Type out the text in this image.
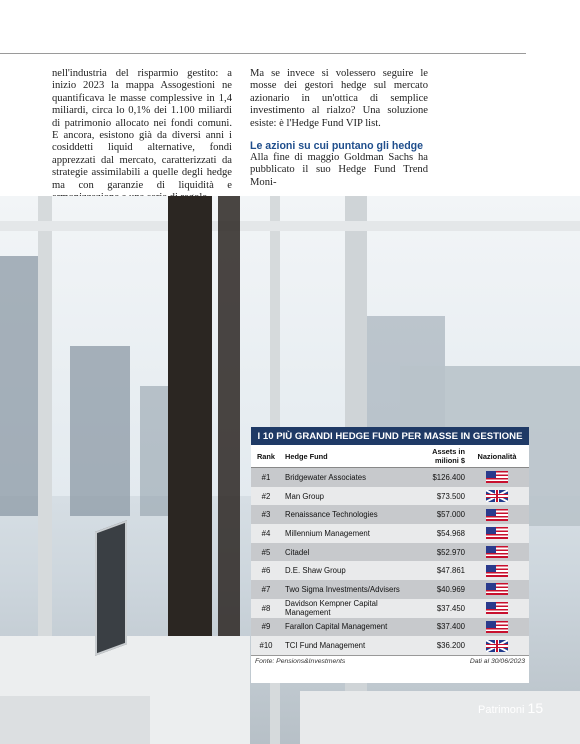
nell'industria del risparmio gestito: a inizio 2023 la mappa Assogestioni ne quantificava le masse complessive in 1,4 miliardi, circa lo 0,1% dei 1.100 miliardi di patrimonio allocato nei fondi comuni. E ancora, esistono già da diversi anni i cosiddetti liquid alternative, fondi apprezzati dal mercato, caratterizzati da strategie assimilabili a quelle degli hedge ma con garanzie di liquidità e

Ma se invece si volessero seguire le mosse dei gestori hedge sul mercato azionario in un'ottica di semplice investimento al rialzo? Una soluzione esiste: è l'Hedge Fund VIP list.

Le azioni su cui puntano gli hedge

Alla fine di maggio Goldman Sachs ha pubblicato il suo Hedge Fund Trend Moni-

I 10 PIÙ GRANDI HEDGE FUND PER MASSE IN GESTIONE
Rank	Hedge Fund	Assets in milioni $	Nazionalità
#1	Bridgewater Associates	$126.400
#2	Man Group	$73.500
#3	Renaissance Technologies	$57.000
#4	Millennium Management	$54.968
#5	Citadel	$52.970
#6	D.E. Shaw Group	$47.861
#7	Two Sigma Investments/Advisers	$40.969
#8	Davidson Kempner Capital Management	$37.450
#9	Farallon Capital Management	$37.400
#10	TCI Fund Management	$36.200
Fonte: Pensions&Investments	Dati al 30/06/2023
Patrimoni 15
